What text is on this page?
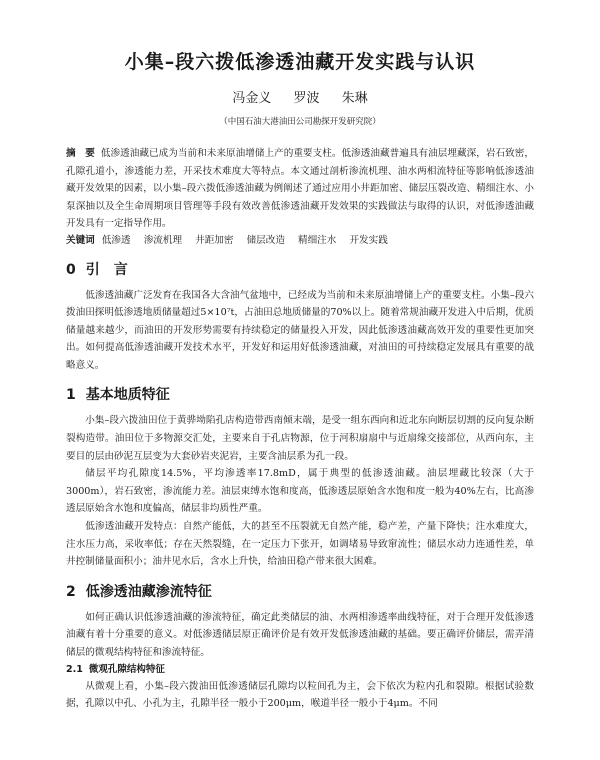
小集–段六拨低渗透油藏开发实践与认识
冯金义 罗波 朱琳
（中国石油大港油田公司勘探开发研究院）
摘　要 低渗透油藏已成为当前和未来原油增储上产的重要支柱。低渗透油藏普遍具有油层埋藏深，岩石致密，孔隙孔道小，渗透能力差，开采技术难度大等特点。本文通过剖析渗流机理、油水两相流特征等影响低渗透油藏开发效果的因素，以小集–段六拨低渗透油藏为例阐述了通过应用小井距加密、储层压裂改造、精细注水、小泵深抽以及全生命周期项目管理等手段有效改善低渗透油藏开发效果的实践做法与取得的认识，对低渗透油藏开发具有一定指导作用。
关键词 低渗透 渗流机理 井距加密 储层改造 精细注水 开发实践
0 引　言

低渗透油藏广泛发育在我国各大含油气盆地中，已经成为当前和未来原油增储上产的重要支柱。小集–段六拨油田探明低渗透地质储量超过5×10⁷t，占油田总地质储量的70%以上。随着常规油藏开发进入中后期，优质储量越来越少，而油田的开发形势需要有持续稳定的储量投入开发，因此低渗透油藏高效开发的重要性更加突出。如何提高低渗透油藏开发技术水平，开发好和运用好低渗透油藏，对油田的可持续稳定发展具有重要的战略意义。

1 基本地质特征

小集–段六拨油田位于黄骅坳陷孔店构造带西南倾末端，是受一组东西向和近北东向断层切割的反向复杂断裂构造带。油田位于多物源交汇处，主要来自于孔店物源，位于河积扇扇中与近扇缘交接部位，从西向东，主要目的层由砂泥互层变为大套砂岩夹泥岩，主要含油层系为孔一段。

储层平均孔隙度14.5%，平均渗透率17.8mD，属于典型的低渗透油藏。油层埋藏比较深（大于3000m），岩石致密，渗流能力差。油层束缚水饱和度高，低渗透层原始含水饱和度一般为40%左右，比高渗透层原始含水饱和度偏高，储层非均质性严重。

低渗透油藏开发特点：自然产能低，大的甚至不压裂就无自然产能，稳产差，产量下降快；注水难度大，注水压力高，采收率低；存在天然裂缝，在一定压力下张开，如调堵易导致窜流性；储层水动力连通性差，单井控制储量面积小；油井见水后，含水上升快，给油田稳产带来很大困难。

2 低渗透油藏渗流特征

如何正确认识低渗透油藏的渗流特征，确定此类储层的油、水两相渗透率曲线特征，对于合理开发低渗透油藏有着十分重要的意义。对低渗透储层原正确评价是有效开发低渗透油藏的基础。要正确评价储层，需弄清储层的微观结构特征和渗流特征。

2.1 微观孔隙结构特征

从微观上看，小集–段六拨油田低渗透储层孔隙均以粒间孔为主，会下依次为粒内孔和裂隙。根据试验数据，孔隙以中孔、小孔为主，孔隙半径一般小于200μm，喉道半径一般小于4μm。不同
